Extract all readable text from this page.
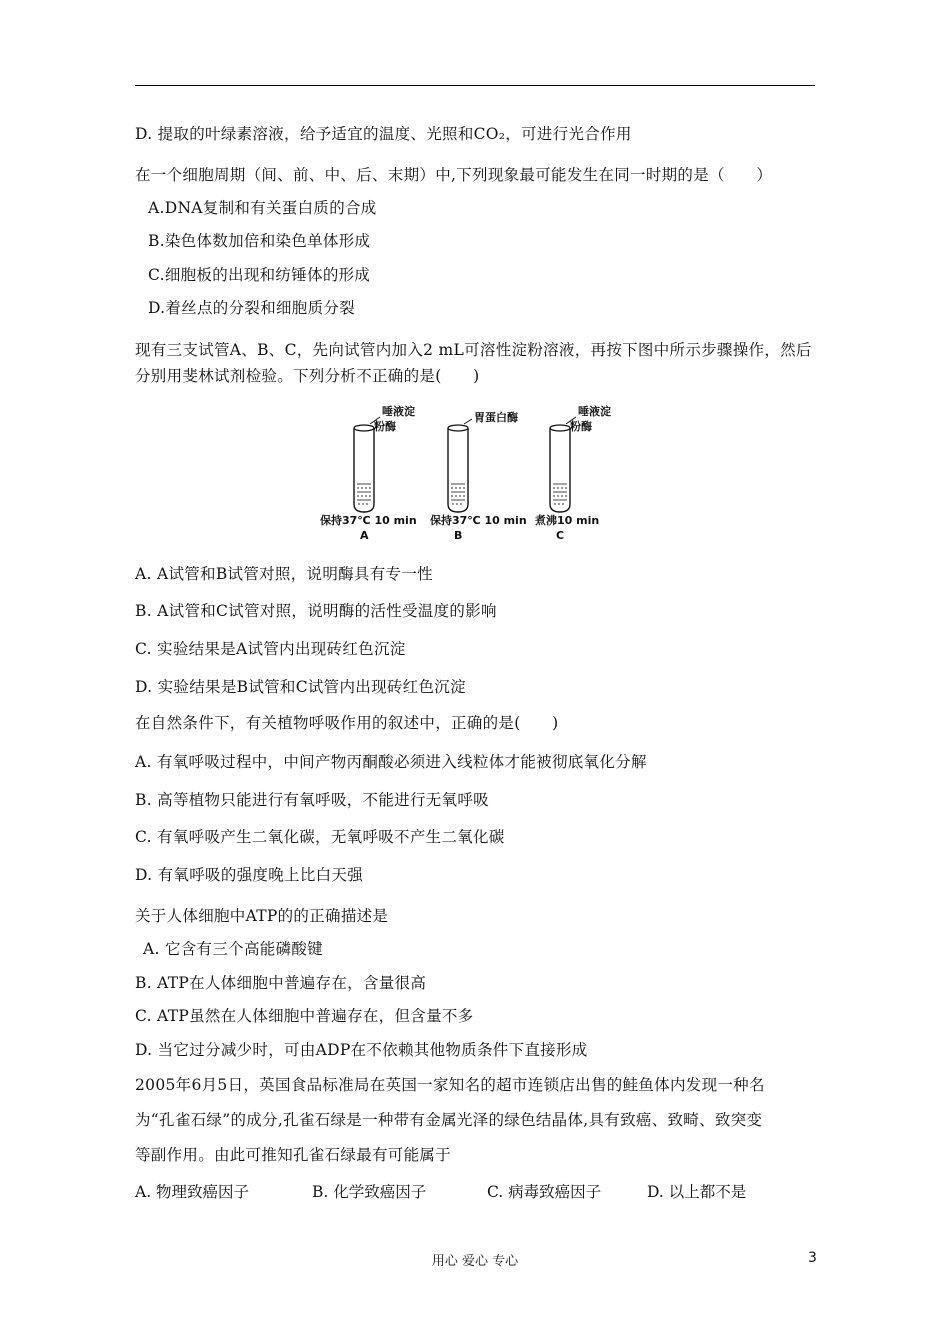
D. 提取的叶绿素溶液，给予适宜的温度、光照和CO₂，可进行光合作用
在一个细胞周期（间、前、中、后、末期）中,下列现象最可能发生在同一时期的是（　　）
A.DNA复制和有关蛋白质的合成
B.染色体数加倍和染色单体形成
C.细胞板的出现和纺锤体的形成
D.着丝点的分裂和细胞质分裂
现有三支试管A、B、C，先向试管内加入2 mL可溶性淀粉溶液，再按下图中所示步骤操作，然后
分别用斐林试剂检验。下列分析不正确的是(　　)
唾液淀
粉酶
保持37℃ 10 min
A
胃蛋白酶
保持37℃ 10 min
B
唾液淀
粉酶
煮沸10 min
C
A. A试管和B试管对照，说明酶具有专一性
B. A试管和C试管对照，说明酶的活性受温度的影响
C. 实验结果是A试管内出现砖红色沉淀
D. 实验结果是B试管和C试管内出现砖红色沉淀
在自然条件下，有关植物呼吸作用的叙述中，正确的是(　　)
A. 有氧呼吸过程中，中间产物丙酮酸必须进入线粒体才能被彻底氧化分解
B. 高等植物只能进行有氧呼吸，不能进行无氧呼吸
C. 有氧呼吸产生二氧化碳，无氧呼吸不产生二氧化碳
D. 有氧呼吸的强度晚上比白天强
关于人体细胞中ATP的的正确描述是
A. 它含有三个高能磷酸键
B. ATP在人体细胞中普遍存在，含量很高
C. ATP虽然在人体细胞中普遍存在，但含量不多
D. 当它过分减少时，可由ADP在不依赖其他物质条件下直接形成
2005年6月5日，英国食品标准局在英国一家知名的超市连锁店出售的鲑鱼体内发现一种名
为“孔雀石绿”的成分,孔雀石绿是一种带有金属光泽的绿色结晶体,具有致癌、致畸、致突变
等副作用。由此可推知孔雀石绿最有可能属于
A. 物理致癌因子	B. 化学致癌因子	C. 病毒致癌因子	D. 以上都不是
用心 爱心 专心	3
